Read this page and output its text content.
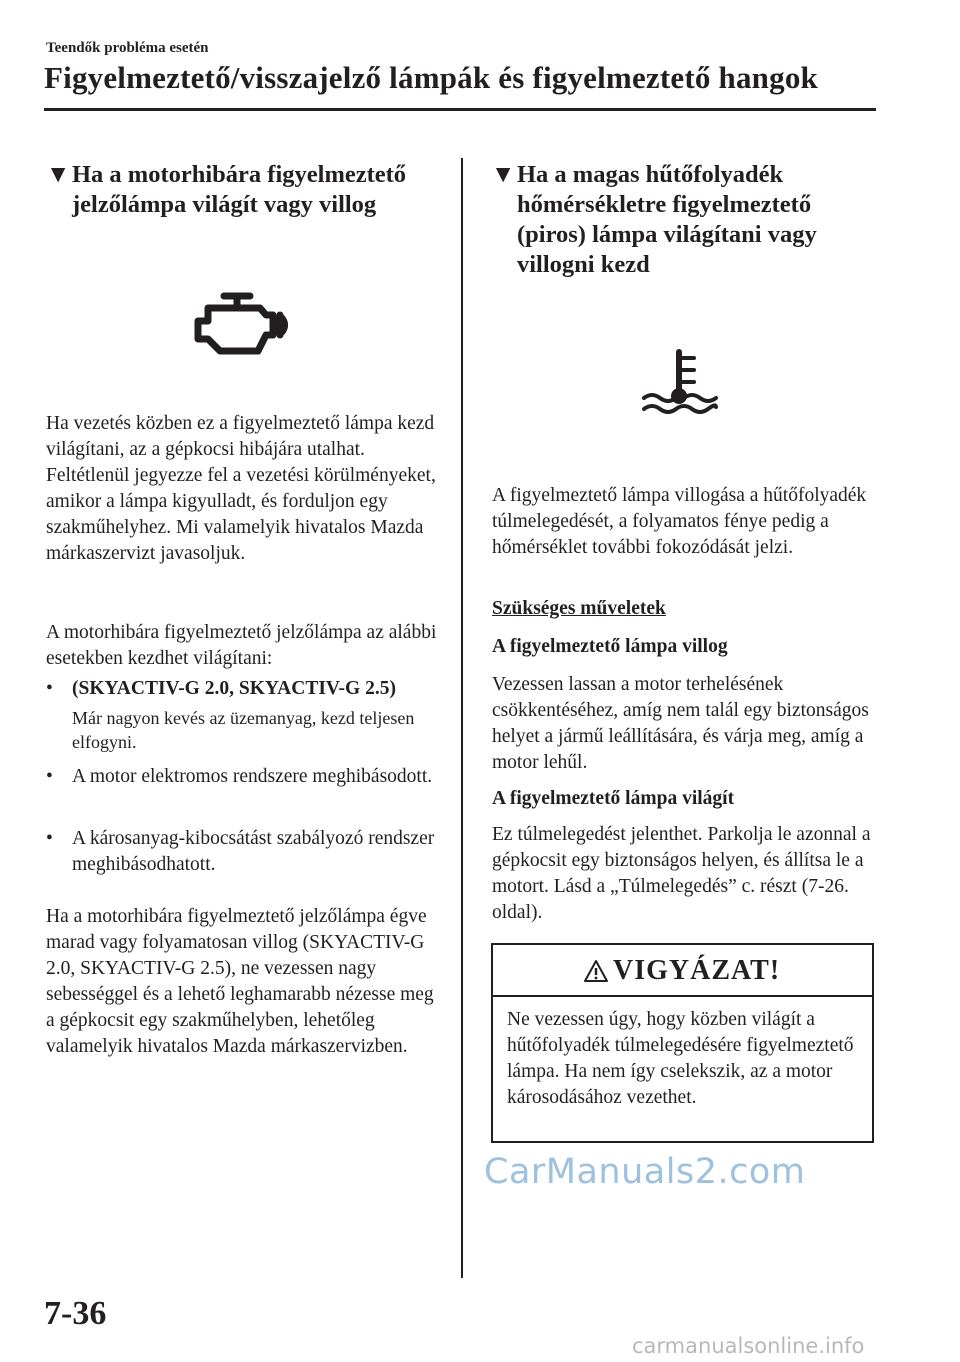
Teendők probléma esetén
Figyelmeztető/visszajelző lámpák és figyelmeztető hangok
▼ Ha a motorhibára figyelmeztető jelzőlámpa világít vagy villog
Ha vezetés közben ez a figyelmeztető lámpa kezd világítani, az a gépkocsi hibájára utalhat. Feltétlenül jegyezze fel a vezetési körülményeket, amikor a lámpa kigyulladt, és forduljon egy szakműhelyhez. Mi valamelyik hivatalos Mazda márkaszervizt javasoljuk.
A motorhibára figyelmeztető jelzőlámpa az alábbi esetekben kezdhet világítani:
• (SKYACTIV-G 2.0, SKYACTIV-G 2.5)
Már nagyon kevés az üzemanyag, kezd teljesen elfogyni.
• A motor elektromos rendszere meghibásodott.
• A károsanyag-kibocsátást szabályozó rendszer meghibásodhatott.
Ha a motorhibára figyelmeztető jelzőlámpa égve marad vagy folyamatosan villog (SKYACTIV-G 2.0, SKYACTIV-G 2.5), ne vezessen nagy sebességgel és a lehető leghamarabb nézesse meg a gépkocsit egy szakműhelyben, lehetőleg valamelyik hivatalos Mazda márkaszervizben.
▼ Ha a magas hűtőfolyadék hőmérsékletre figyelmeztető (piros) lámpa világítani vagy villogni kezd
A figyelmeztető lámpa villogása a hűtőfolyadék túlmelegedését, a folyamatos fénye pedig a hőmérséklet további fokozódását jelzi.
Szükséges műveletek
A figyelmeztető lámpa villog
Vezessen lassan a motor terhelésének csökkentéséhez, amíg nem talál egy biztonságos helyet a jármű leállítására, és várja meg, amíg a motor lehűl.
A figyelmeztető lámpa világít
Ez túlmelegedést jelenthet. Parkolja le azonnal a gépkocsit egy biztonságos helyen, és állítsa le a motort. Lásd a „Túlmelegedés” c. részt (7-26. oldal).
VIGYÁZAT!
Ne vezessen úgy, hogy közben világít a hűtőfolyadék túlmelegedésére figyelmeztető lámpa. Ha nem így cselekszik, az a motor károsodásához vezethet.
CarManuals2.com
7-36
carmanualsonline.info
